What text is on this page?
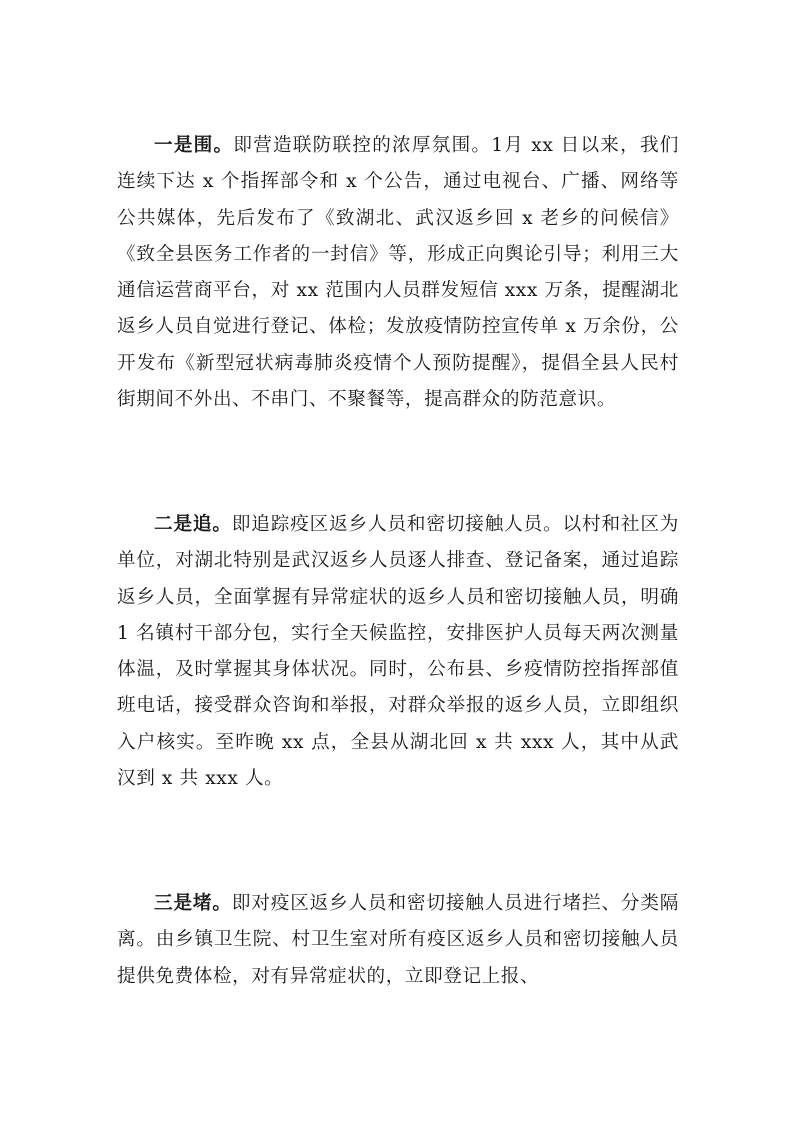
一是围。即营造联防联控的浓厚氛围。1月 xx 日以来，我们连续下达 x 个指挥部令和 x 个公告，通过电视台、广播、网络等公共媒体，先后发布了《致湖北、武汉返乡回 x 老乡的问候信》《致全县医务工作者的一封信》等，形成正向舆论引导；利用三大通信运营商平台，对 xx 范围内人员群发短信 xxx 万条，提醒湖北返乡人员自觉进行登记、体检；发放疫情防控宣传单 x 万余份，公开发布《新型冠状病毒肺炎疫情个人预防提醒》，提倡全县人民村街期间不外出、不串门、不聚餐等，提高群众的防范意识。

二是追。即追踪疫区返乡人员和密切接触人员。以村和社区为单位，对湖北特别是武汉返乡人员逐人排查、登记备案，通过追踪返乡人员，全面掌握有异常症状的返乡人员和密切接触人员，明确 1 名镇村干部分包，实行全天候监控，安排医护人员每天两次测量体温，及时掌握其身体状况。同时，公布县、乡疫情防控指挥部值班电话，接受群众咨询和举报，对群众举报的返乡人员，立即组织入户核实。至昨晚 xx 点，全县从湖北回 x 共 xxx 人，其中从武汉到 x 共 xxx 人。

三是堵。即对疫区返乡人员和密切接触人员进行堵拦、分类隔离。由乡镇卫生院、村卫生室对所有疫区返乡人员和密切接触人员提供免费体检，对有异常症状的，立即登记上报、
